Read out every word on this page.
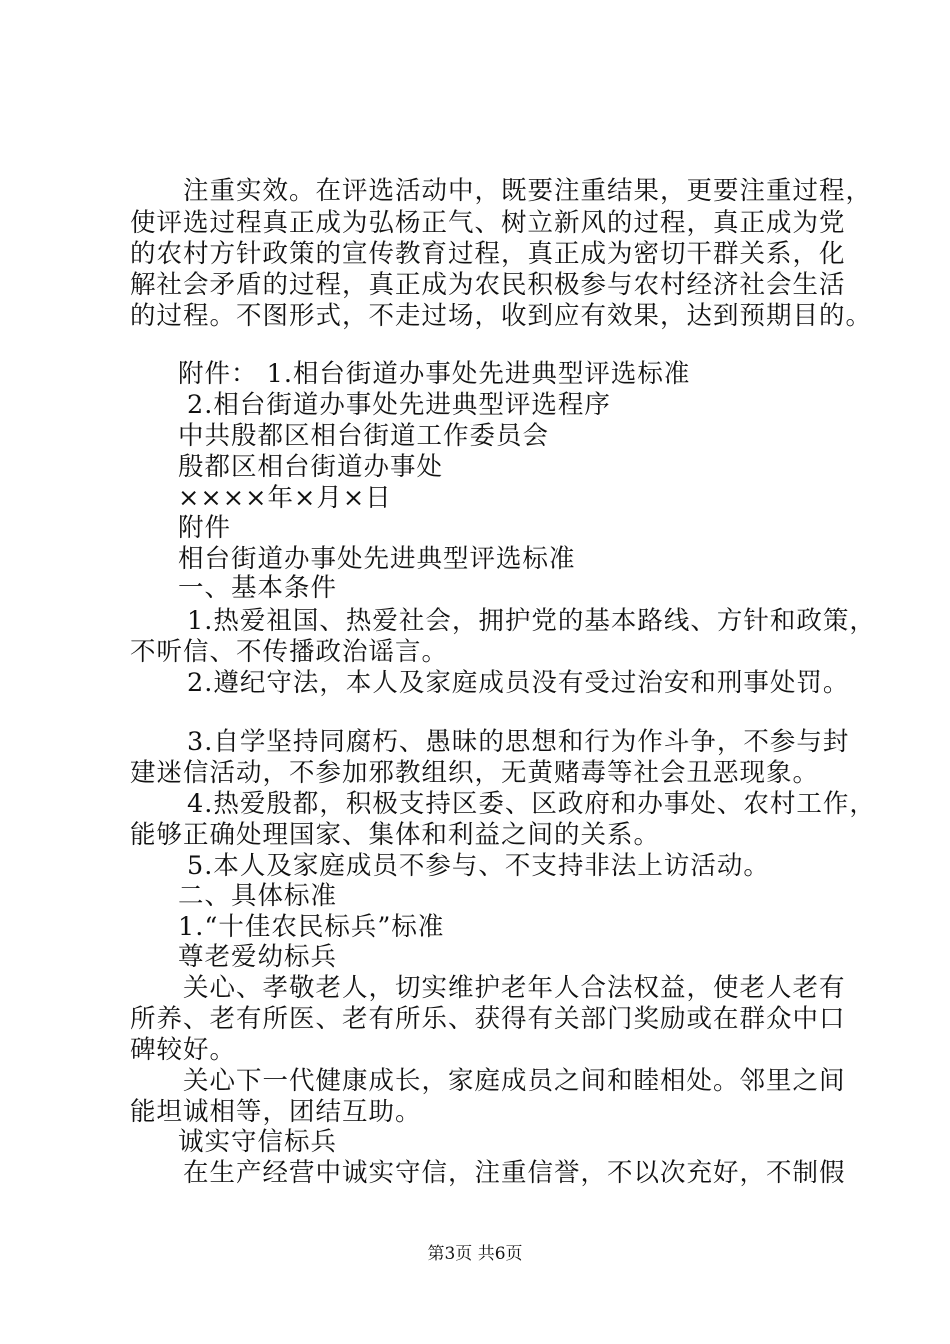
注重实效。在评选活动中，既要注重结果，更要注重过程，

使评选过程真正成为弘杨正气、树立新风的过程，真正成为党

的农村方针政策的宣传教育过程，真正成为密切干群关系，化

解社会矛盾的过程，真正成为农民积极参与农村经济社会生活

的过程。不图形式，不走过场，收到应有效果，达到预期目的。

附件： 1.相台街道办事处先进典型评选标准

2.相台街道办事处先进典型评选程序

中共殷都区相台街道工作委员会

殷都区相台街道办事处

××××年×月×日

附件

相台街道办事处先进典型评选标准

一、基本条件

1.热爱祖国、热爱社会，拥护党的基本路线、方针和政策，

不听信、不传播政治谣言。

2.遵纪守法，本人及家庭成员没有受过治安和刑事处罚。

3.自学坚持同腐朽、愚昧的思想和行为作斗争，不参与封

建迷信活动，不参加邪教组织，无黄赌毒等社会丑恶现象。

4.热爱殷都，积极支持区委、区政府和办事处、农村工作，

能够正确处理国家、集体和利益之间的关系。

5.本人及家庭成员不参与、不支持非法上访活动。

二、具体标准

1.“十佳农民标兵”标准

尊老爱幼标兵

关心、孝敬老人，切实维护老年人合法权益，使老人老有

所养、老有所医、老有所乐、获得有关部门奖励或在群众中口

碑较好。

关心下一代健康成长，家庭成员之间和睦相处。邻里之间

能坦诚相等，团结互助。

诚实守信标兵

在生产经营中诚实守信，注重信誉，不以次充好，不制假

第3页 共6页
